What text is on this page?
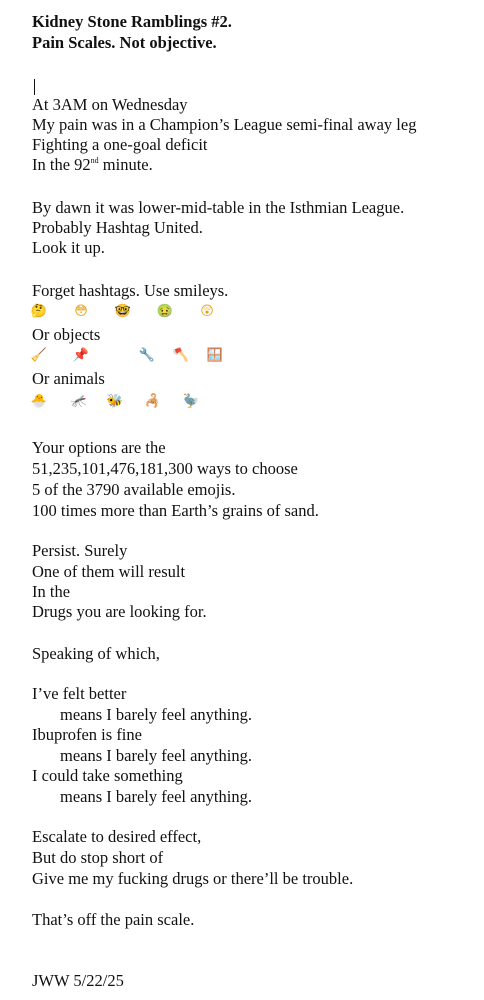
Kidney Stone Ramblings #2.
Pain Scales. Not objective.
At 3AM on Wednesday
My pain was in a Champion’s League semi-final away leg
Fighting a one-goal deficit
In the 92nd minute.
By dawn it was lower-mid-table in the Isthmian League.
Probably Hashtag United.
Look it up.
Forget hashtags. Use smileys.
🤔 😳 🤓 🤢 😲
Or objects
🧹 📌	🔧 🪓 🪟
Or animals
🐣 🦟 🐝 🦂 🦤
Your options are the
51,235,101,476,181,300 ways to choose
5 of the 3790 available emojis.
100 times more than Earth’s grains of sand.
Persist. Surely
One of them will result
In the
Drugs you are looking for.
Speaking of which,
I’ve felt better
means I barely feel anything.
Ibuprofen is fine
means I barely feel anything.
I could take something
means I barely feel anything.
Escalate to desired effect,
But do stop short of
Give me my fucking drugs or there’ll be trouble.
That’s off the pain scale.
JWW 5/22/25
